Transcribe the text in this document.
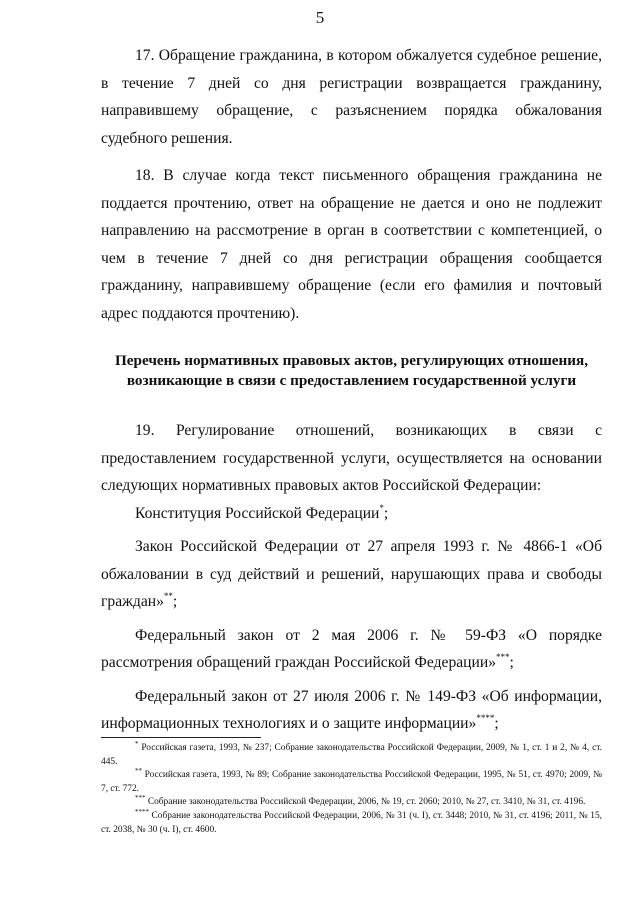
5

17. Обращение гражданина, в котором обжалуется судебное решение, в течение 7 дней со дня регистрации возвращается гражданину, направившему обращение, с разъяснением порядка обжалования судебного решения.

18. В случае когда текст письменного обращения гражданина не поддается прочтению, ответ на обращение не дается и оно не подлежит направлению на рассмотрение в орган в соответствии с компетенцией, о чем в течение 7 дней со дня регистрации обращения сообщается гражданину, направившему обращение (если его фамилия и почтовый адрес поддаются прочтению).

Перечень нормативных правовых актов, регулирующих отношения,
возникающие в связи с предоставлением государственной услуги

19. Регулирование отношений, возникающих в связи с предоставлением государственной услуги, осуществляется на основании следующих нормативных правовых актов Российской Федерации:

Конституция Российской Федерации*;

Закон Российской Федерации от 27 апреля 1993 г. № 4866-1 «Об обжаловании в суд действий и решений, нарушающих права и свободы граждан»**;

Федеральный закон от 2 мая 2006 г. № 59-ФЗ «О порядке рассмотрения обращений граждан Российской Федерации»***;

Федеральный закон от 27 июля 2006 г. № 149-ФЗ «Об информации, информационных технологиях и о защите информации»****;

* Российская газета, 1993, № 237; Собрание законодательства Российской Федерации, 2009, № 1, ст. 1 и 2, № 4, ст. 445.

** Российская газета, 1993, № 89; Собрание законодательства Российской Федерации, 1995, № 51, ст. 4970; 2009, № 7, ст. 772.

*** Собрание законодательства Российской Федерации, 2006, № 19, ст. 2060; 2010, № 27, ст. 3410, № 31, ст. 4196.

**** Собрание законодательства Российской Федерации, 2006, № 31 (ч. I), ст. 3448; 2010, № 31, ст. 4196; 2011, № 15, ст. 2038, № 30 (ч. I), ст. 4600.
